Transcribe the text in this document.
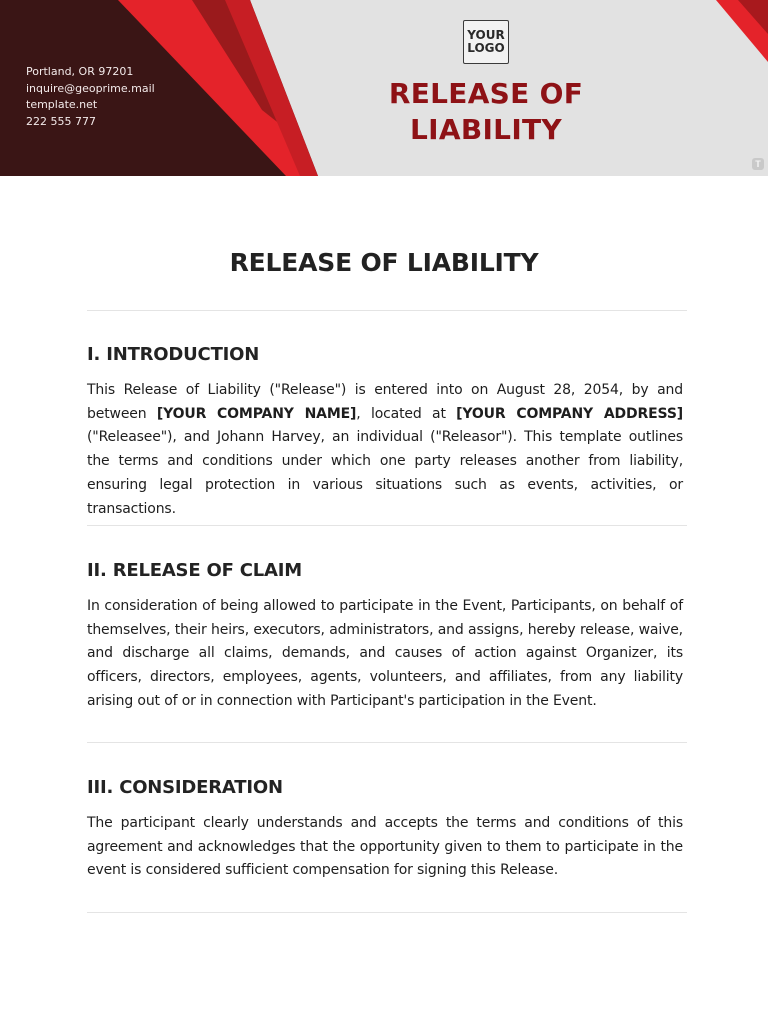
Portland, OR 97201
inquire@geoprime.mail
template.net
222 555 777
YOUR
LOGO
RELEASE OF
LIABILITY
T
RELEASE OF LIABILITY
I. INTRODUCTION

This Release of Liability ("Release") is entered into on August 28, 2054, by and between [YOUR COMPANY NAME], located at [YOUR COMPANY ADDRESS] ("Releasee"), and Johann Harvey, an individual ("Releasor"). This template outlines the terms and conditions under which one party releases another from liability, ensuring legal protection in various situations such as events, activities, or transactions.

II. RELEASE OF CLAIM

In consideration of being allowed to participate in the Event, Participants, on behalf of themselves, their heirs, executors, administrators, and assigns, hereby release, waive, and discharge all claims, demands, and causes of action against Organizer, its officers, directors, employees, agents, volunteers, and affiliates, from any liability arising out of or in connection with Participant's participation in the Event.

III. CONSIDERATION

The participant clearly understands and accepts the terms and conditions of this agreement and acknowledges that the opportunity given to them to participate in the event is considered sufficient compensation for signing this Release.
